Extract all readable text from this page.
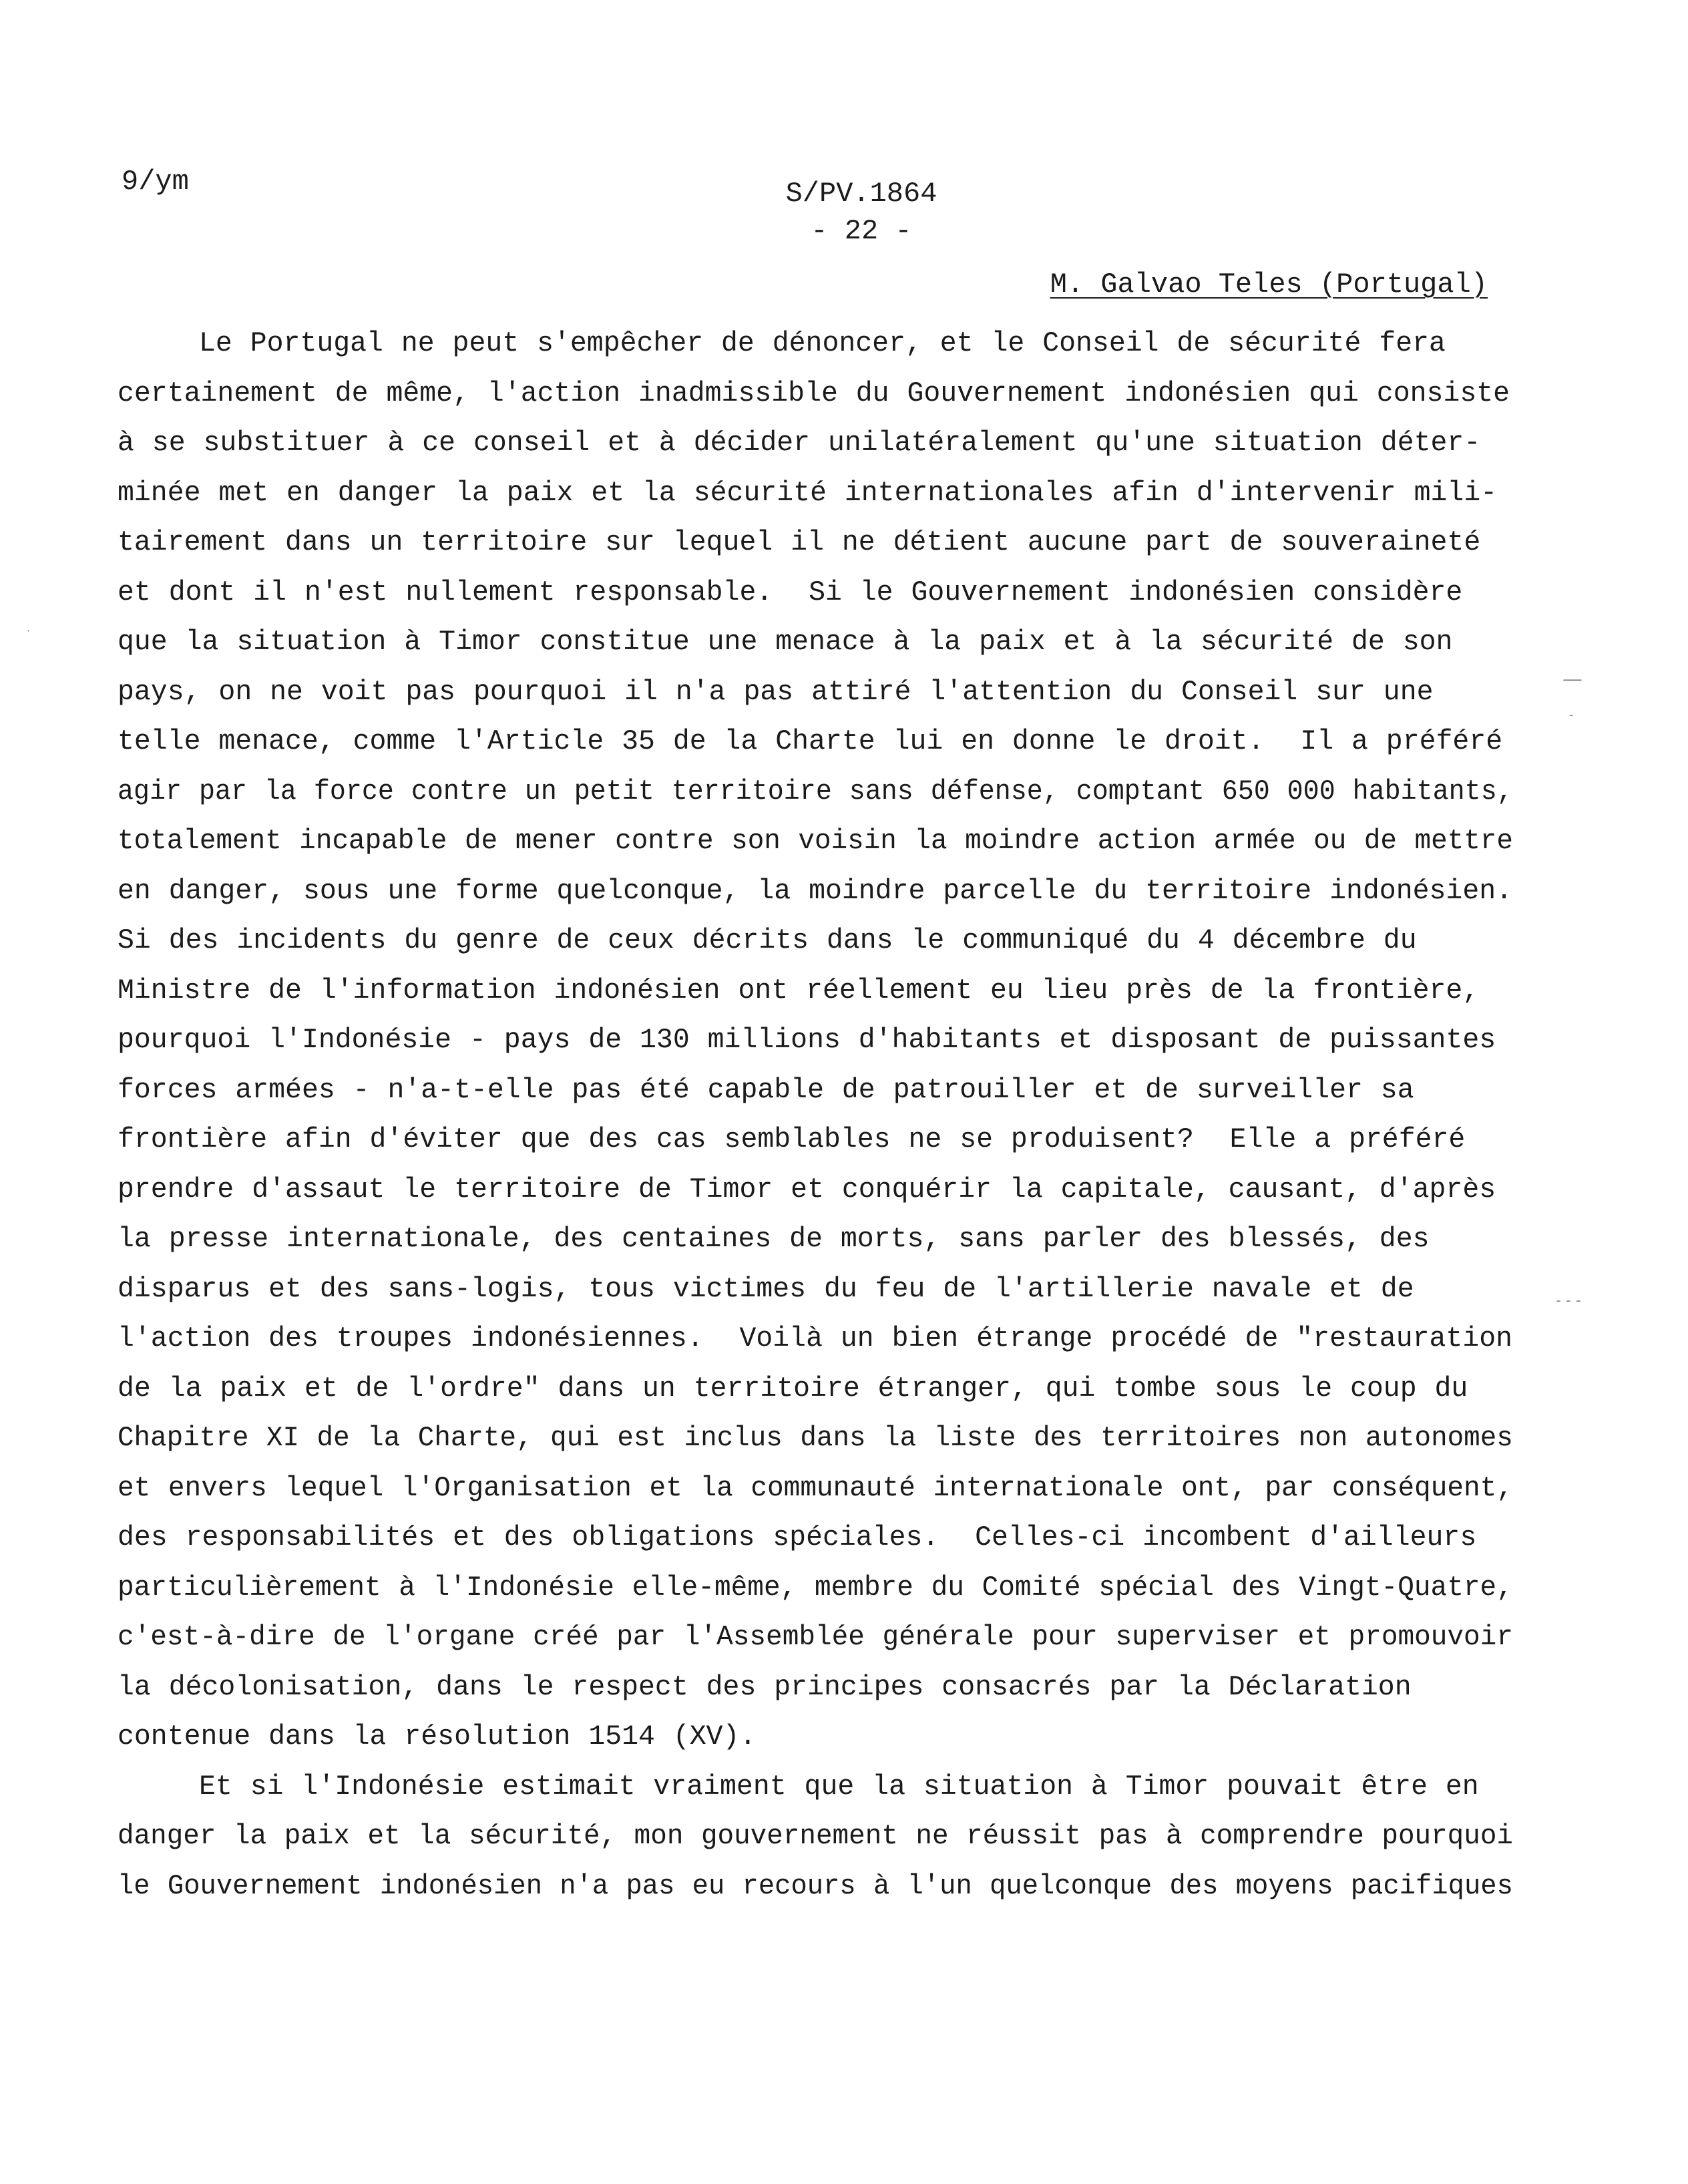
9/ym	S/PV.1864
- 22 -
M. Galvao Teles (Portugal)
Le Portugal ne peut s'empêcher de dénoncer, et le Conseil de sécurité fera
certainement de même, l'action inadmissible du Gouvernement indonésien qui consiste
à se substituer à ce conseil et à décider unilatéralement qu'une situation déter-
minée met en danger la paix et la sécurité internationales afin d'intervenir mili-
tairement dans un territoire sur lequel il ne détient aucune part de souveraineté
et dont il n'est nullement responsable.  Si le Gouvernement indonésien considère
que la situation à Timor constitue une menace à la paix et à la sécurité de son
pays, on ne voit pas pourquoi il n'a pas attiré l'attention du Conseil sur une
telle menace, comme l'Article 35 de la Charte lui en donne le droit.  Il a préféré
agir par la force contre un petit territoire sans défense, comptant 650 000 habitants,
totalement incapable de mener contre son voisin la moindre action armée ou de mettre
en danger, sous une forme quelconque, la moindre parcelle du territoire indonésien.
Si des incidents du genre de ceux décrits dans le communiqué du 4 décembre du
Ministre de l'information indonésien ont réellement eu lieu près de la frontière,
pourquoi l'Indonésie - pays de 130 millions d'habitants et disposant de puissantes
forces armées - n'a-t-elle pas été capable de patrouiller et de surveiller sa
frontière afin d'éviter que des cas semblables ne se produisent?  Elle a préféré
prendre d'assaut le territoire de Timor et conquérir la capitale, causant, d'après
la presse internationale, des centaines de morts, sans parler des blessés, des
disparus et des sans-logis, tous victimes du feu de l'artillerie navale et de
l'action des troupes indonésiennes.  Voilà un bien étrange procédé de "restauration
de la paix et de l'ordre" dans un territoire étranger, qui tombe sous le coup du
Chapitre XI de la Charte, qui est inclus dans la liste des territoires non autonomes
et envers lequel l'Organisation et la communauté internationale ont, par conséquent,
des responsabilités et des obligations spéciales.  Celles-ci incombent d'ailleurs
particulièrement à l'Indonésie elle-même, membre du Comité spécial des Vingt-Quatre,
c'est-à-dire de l'organe créé par l'Assemblée générale pour superviser et promouvoir
la décolonisation, dans le respect des principes consacrés par la Déclaration
contenue dans la résolution 1514 (XV).
Et si l'Indonésie estimait vraiment que la situation à Timor pouvait être en
danger la paix et la sécurité, mon gouvernement ne réussit pas à comprendre pourquoi
le Gouvernement indonésien n'a pas eu recours à l'un quelconque des moyens pacifiques
—
-
- - -
·
